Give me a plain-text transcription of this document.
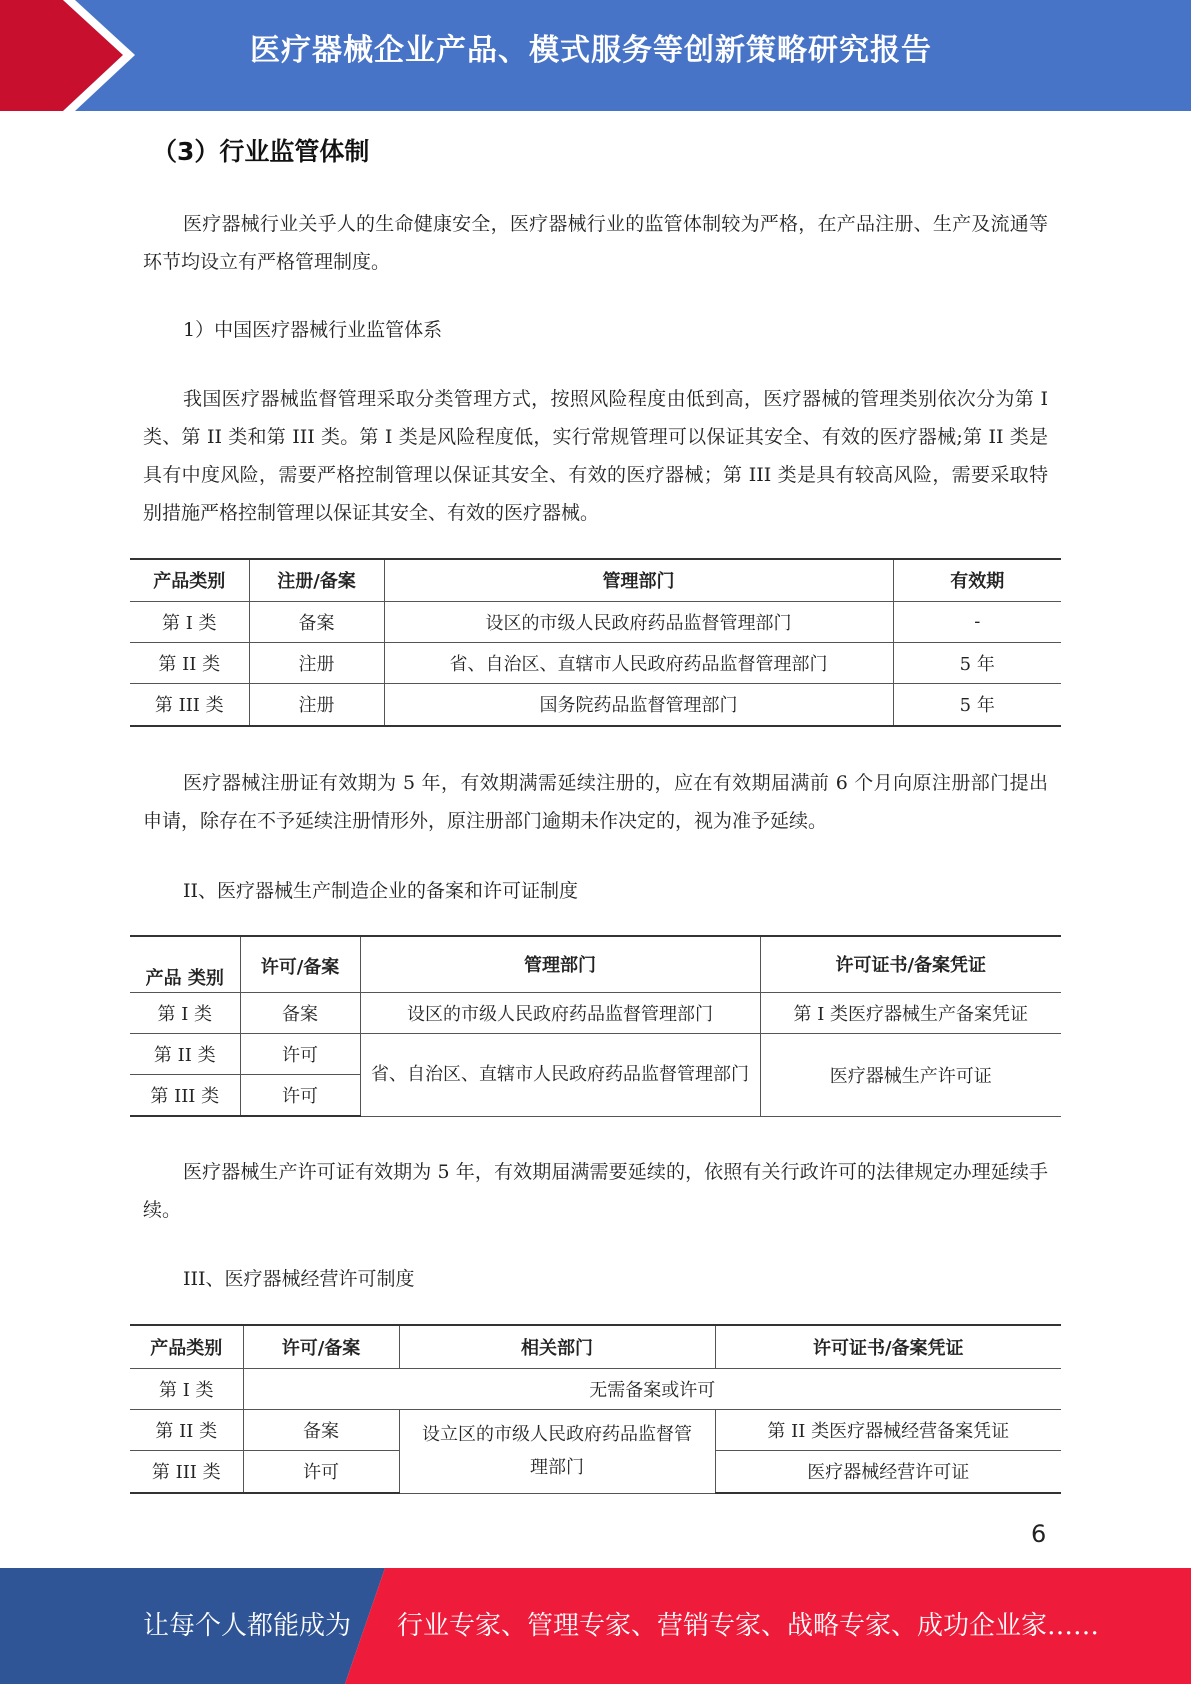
医疗器械企业产品、模式服务等创新策略研究报告
（3）行业监管体制

医疗器械行业关乎人的生命健康安全，医疗器械行业的监管体制较为严格，在产品注册、生产及流通等环节均设立有严格管理制度。

1）中国医疗器械行业监管体系

我国医疗器械监督管理采取分类管理方式，按照风险程度由低到高，医疗器械的管理类别依次分为第 I 类、第 II 类和第 III 类。第 I 类是风险程度低，实行常规管理可以保证其安全、有效的医疗器械;第 II 类是具有中度风险，需要严格控制管理以保证其安全、有效的医疗器械；第 III 类是具有较高风险，需要采取特别措施严格控制管理以保证其安全、有效的医疗器械。

产品类别	注册/备案	管理部门	有效期
第 I 类	备案	设区的市级人民政府药品监督管理部门	-
第 II 类	注册	省、自治区、直辖市人民政府药品监督管理部门	5 年
第 III 类	注册	国务院药品监督管理部门	5 年

医疗器械注册证有效期为 5 年，有效期满需延续注册的，应在有效期届满前 6 个月向原注册部门提出申请，除存在不予延续注册情形外，原注册部门逾期未作决定的，视为准予延续。

II、医疗器械生产制造企业的备案和许可证制度
产品 类别	许可/备案	管理部门	许可证书/备案凭证
第 I 类	备案	设区的市级人民政府药品监督管理部门	第 I 类医疗器械生产备案凭证
第 II 类	许可	省、自治区、直辖市人民政府药品监督管理部门	医疗器械生产许可证
第 III 类	许可		

医疗器械生产许可证有效期为 5 年，有效期届满需要延续的，依照有关行政许可的法律规定办理延续手续。

III、医疗器械经营许可制度
产品类别	许可/备案	相关部门	许可证书/备案凭证
第 I 类	无需备案或许可		
第 II 类	备案	设立区的市级人民政府药品监督管理部门	第 II 类医疗器械经营备案凭证
第 III 类	许可		医疗器械经营许可证
6
让每个人都能成为 行业专家、管理专家、营销专家、战略专家、成功企业家……
